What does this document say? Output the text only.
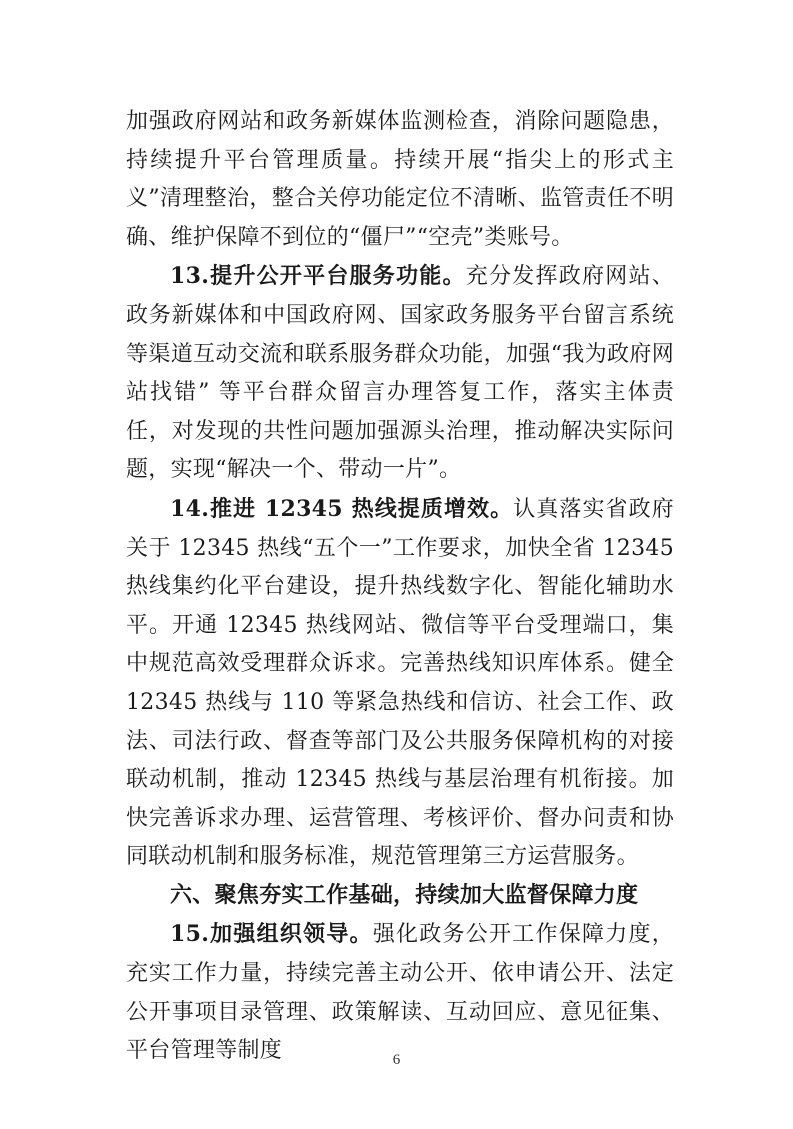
加强政府网站和政务新媒体监测检查，消除问题隐患，持续提升平台管理质量。持续开展“指尖上的形式主义”清理整治，整合关停功能定位不清晰、监管责任不明确、维护保障不到位的“僵尸”“空壳”类账号。

13.提升公开平台服务功能。充分发挥政府网站、政务新媒体和中国政府网、国家政务服务平台留言系统等渠道互动交流和联系服务群众功能，加强“我为政府网站找错” 等平台群众留言办理答复工作，落实主体责任，对发现的共性问题加强源头治理，推动解决实际问题，实现“解决一个、带动一片”。

14.推进 12345 热线提质增效。认真落实省政府关于 12345 热线“五个一”工作要求，加快全省 12345 热线集约化平台建设，提升热线数字化、智能化辅助水平。开通 12345 热线网站、微信等平台受理端口，集中规范高效受理群众诉求。完善热线知识库体系。健全 12345 热线与 110 等紧急热线和信访、社会工作、政法、司法行政、督查等部门及公共服务保障机构的对接联动机制，推动 12345 热线与基层治理有机衔接。加快完善诉求办理、运营管理、考核评价、督办问责和协同联动机制和服务标准，规范管理第三方运营服务。

六、聚焦夯实工作基础，持续加大监督保障力度

15.加强组织领导。强化政务公开工作保障力度，充实工作力量，持续完善主动公开、依申请公开、法定公开事项目录管理、政策解读、互动回应、意见征集、平台管理等制度	6
